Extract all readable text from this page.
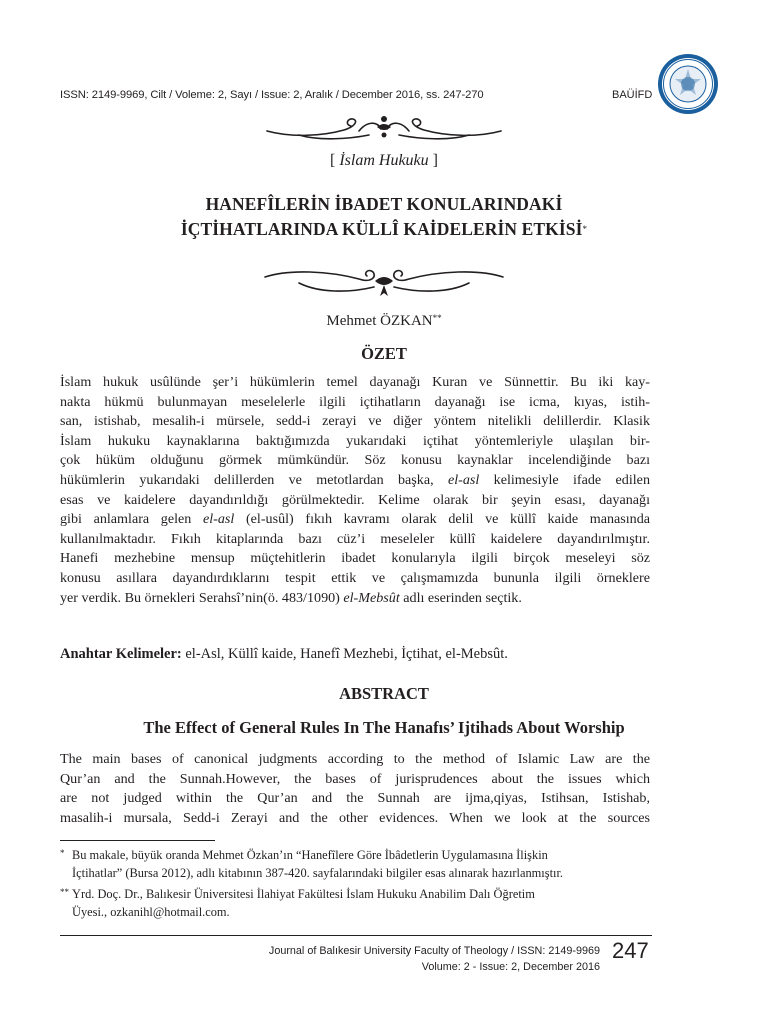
ISSN: 2149-9969, Cilt / Voleme: 2, Sayı / Issue: 2, Aralık / December 2016, ss. 247-270	BAÜİFD
[ İslam Hukuku ]
HANEFÎLERİN İBADET KONULARINDAKİ
İÇTİHATLARINDA KÜLLÎ KAİDELERİN ETKİSİ*
Mehmet ÖZKAN**
ÖZET
İslam hukuk usûlünde şer’i hükümlerin temel dayanağı Kuran ve Sünnettir. Bu iki kay-
nakta hükmü bulunmayan meselelerle ilgili içtihatların dayanağı ise icma, kıyas, istih-
san, istishab, mesalih-i mürsele, sedd-i zerayi ve diğer yöntem nitelikli delillerdir. Klasik
İslam hukuku kaynaklarına baktığımızda yukarıdaki içtihat yöntemleriyle ulaşılan bir-
çok hüküm olduğunu görmek mümkündür. Söz konusu kaynaklar incelendiğinde bazı
hükümlerin yukarıdaki delillerden ve metotlardan başka, el-asl kelimesiyle ifade edilen
esas ve kaidelere dayandırıldığı görülmektedir. Kelime olarak bir şeyin esası, dayanağı
gibi anlamlara gelen el-asl (el-usûl) fıkıh kavramı olarak delil ve küllî kaide manasında
kullanılmaktadır. Fıkıh kitaplarında bazı cüz’i meseleler küllî kaidelere dayandırılmıştır.
Hanefi mezhebine mensup müçtehitlerin ibadet konularıyla ilgili birçok meseleyi söz
konusu asıllara dayandırdıklarını tespit ettik ve çalışmamızda bununla ilgili örneklere
yer verdik. Bu örnekleri Serahsî’nin(ö. 483/1090) el-Mebsût adlı eserinden seçtik.
Anahtar Kelimeler: el-Asl, Küllî kaide, Hanefî Mezhebi, İçtihat, el-Mebsût.
ABSTRACT
The Effect of General Rules In The Hanafıs’ Ijtihads About Worship
The main bases of canonical judgments according to the method of Islamic Law are the
Qur’an and the Sunnah.However, the bases of jurisprudences about the issues which
are not judged within the Qur’an and the Sunnah are ijma,qiyas, Istihsan, Istishab,
masalih-i mursala, Sedd-i Zerayi and the other evidences. When we look at the sources
* Bu makale, büyük oranda Mehmet Özkan’ın “Hanefîlere Göre İbâdetlerin Uygulamasına İlişkin
İçtihatlar” (Bursa 2012), adlı kitabının 387-420. sayfalarındaki bilgiler esas alınarak hazırlanmıştır.
** Yrd. Doç. Dr., Balıkesir Üniversitesi İlahiyat Fakültesi İslam Hukuku Anabilim Dalı Öğretim
Üyesi., ozkanihl@hotmail.com.
Journal of Balıkesir University Faculty of Theology / ISSN: 2149-9969
Volume: 2 - Issue: 2, December 2016
247
